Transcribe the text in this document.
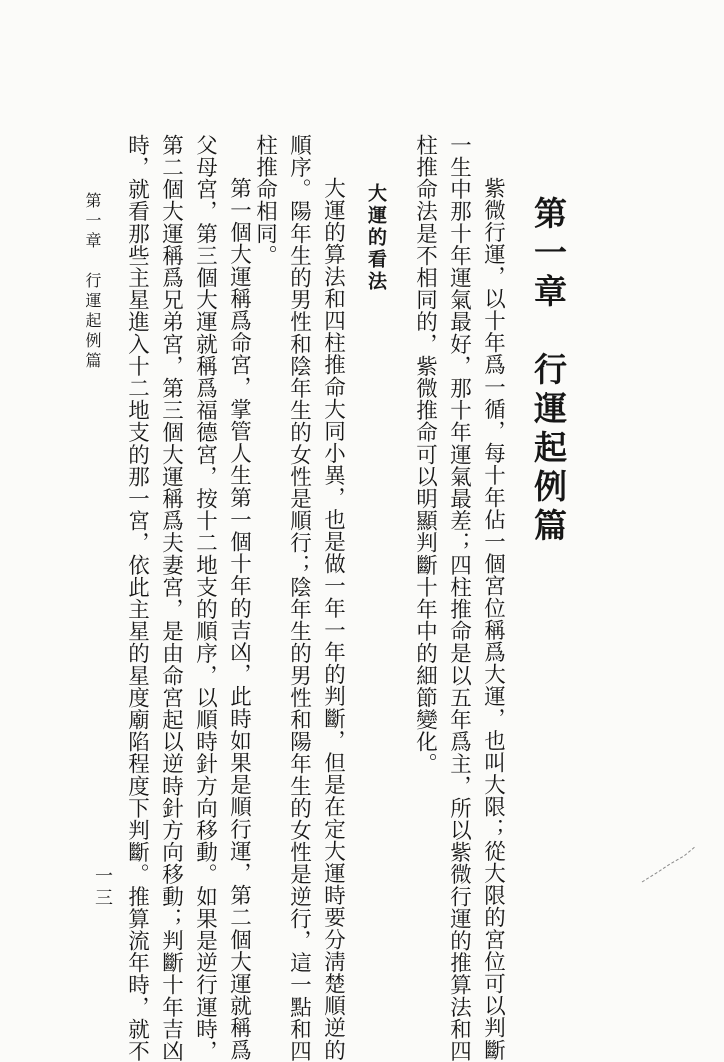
第一章　行運起例篇
紫微行運，以十年爲一循，每十年佔一個宮位稱爲大運，也叫大限；從大限的宮位可以判斷
一生中那十年運氣最好，那十年運氣最差；四柱推命是以五年爲主，所以紫微行運的推算法和四
柱推命法是不相同的，紫微推命可以明顯判斷十年中的細節變化。
大運的看法
大運的算法和四柱推命大同小異，也是做一年一年的判斷，但是在定大運時要分淸楚順逆的
順序。陽年生的男性和陰年生的女性是順行；陰年生的男性和陽年生的女性是逆行，這一點和四
柱推命相同。
第一個大運稱爲命宮，掌管人生第一個十年的吉凶，此時如果是順行運，第二個大運就稱爲
父母宮，第三個大運就稱爲福德宮，按十二地支的順序，以順時針方向移動。如果是逆行運時，
第二個大運稱爲兄弟宮，第三個大運稱爲夫妻宮，是由命宮起以逆時針方向移動；判斷十年吉凶
時，就看那些主星進入十二地支的那一宮，依此主星的星度廟陷程度下判斷。推算流年時，就不
第一章　行運起例篇
一三
